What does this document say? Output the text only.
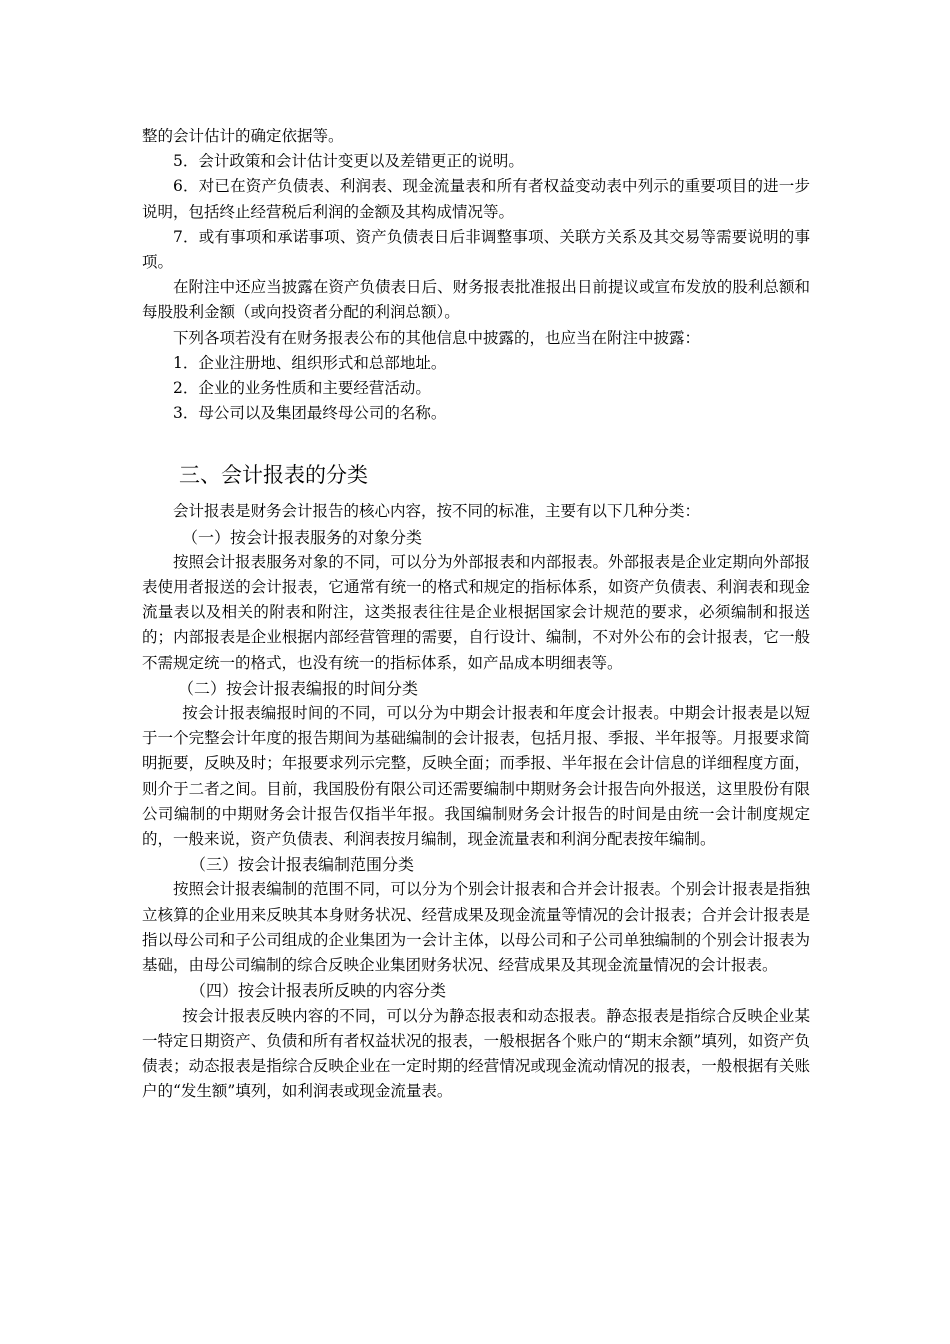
整的会计估计的确定依据等。

5．会计政策和会计估计变更以及差错更正的说明。

6．对已在资产负债表、利润表、现金流量表和所有者权益变动表中列示的重要项目的进一步说明，包括终止经营税后利润的金额及其构成情况等。

7．或有事项和承诺事项、资产负债表日后非调整事项、关联方关系及其交易等需要说明的事项。

在附注中还应当披露在资产负债表日后、财务报表批准报出日前提议或宣布发放的股利总额和每股股利金额（或向投资者分配的利润总额）。

下列各项若没有在财务报表公布的其他信息中披露的，也应当在附注中披露：

1．企业注册地、组织形式和总部地址。

2．企业的业务性质和主要经营活动。

3．母公司以及集团最终母公司的名称。

三、会计报表的分类

会计报表是财务会计报告的核心内容，按不同的标准，主要有以下几种分类：

（一）按会计报表服务的对象分类

按照会计报表服务对象的不同，可以分为外部报表和内部报表。外部报表是企业定期向外部报表使用者报送的会计报表，它通常有统一的格式和规定的指标体系，如资产负债表、利润表和现金流量表以及相关的附表和附注，这类报表往往是企业根据国家会计规范的要求，必须编制和报送的；内部报表是企业根据内部经营管理的需要，自行设计、编制，不对外公布的会计报表，它一般不需规定统一的格式，也没有统一的指标体系，如产品成本明细表等。

（二）按会计报表编报的时间分类

按会计报表编报时间的不同，可以分为中期会计报表和年度会计报表。中期会计报表是以短于一个完整会计年度的报告期间为基础编制的会计报表，包括月报、季报、半年报等。月报要求简明扼要，反映及时；年报要求列示完整，反映全面；而季报、半年报在会计信息的详细程度方面，则介于二者之间。目前，我国股份有限公司还需要编制中期财务会计报告向外报送，这里股份有限公司编制的中期财务会计报告仅指半年报。我国编制财务会计报告的时间是由统一会计制度规定的，一般来说，资产负债表、利润表按月编制，现金流量表和利润分配表按年编制。

（三）按会计报表编制范围分类

按照会计报表编制的范围不同，可以分为个别会计报表和合并会计报表。个别会计报表是指独立核算的企业用来反映其本身财务状况、经营成果及现金流量等情况的会计报表；合并会计报表是指以母公司和子公司组成的企业集团为一会计主体，以母公司和子公司单独编制的个别会计报表为基础，由母公司编制的综合反映企业集团财务状况、经营成果及其现金流量情况的会计报表。

（四）按会计报表所反映的内容分类

按会计报表反映内容的不同，可以分为静态报表和动态报表。静态报表是指综合反映企业某一特定日期资产、负债和所有者权益状况的报表，一般根据各个账户的“期末余额”填列，如资产负债表；动态报表是指综合反映企业在一定时期的经营情况或现金流动情况的报表，一般根据有关账户的“发生额”填列，如利润表或现金流量表。
